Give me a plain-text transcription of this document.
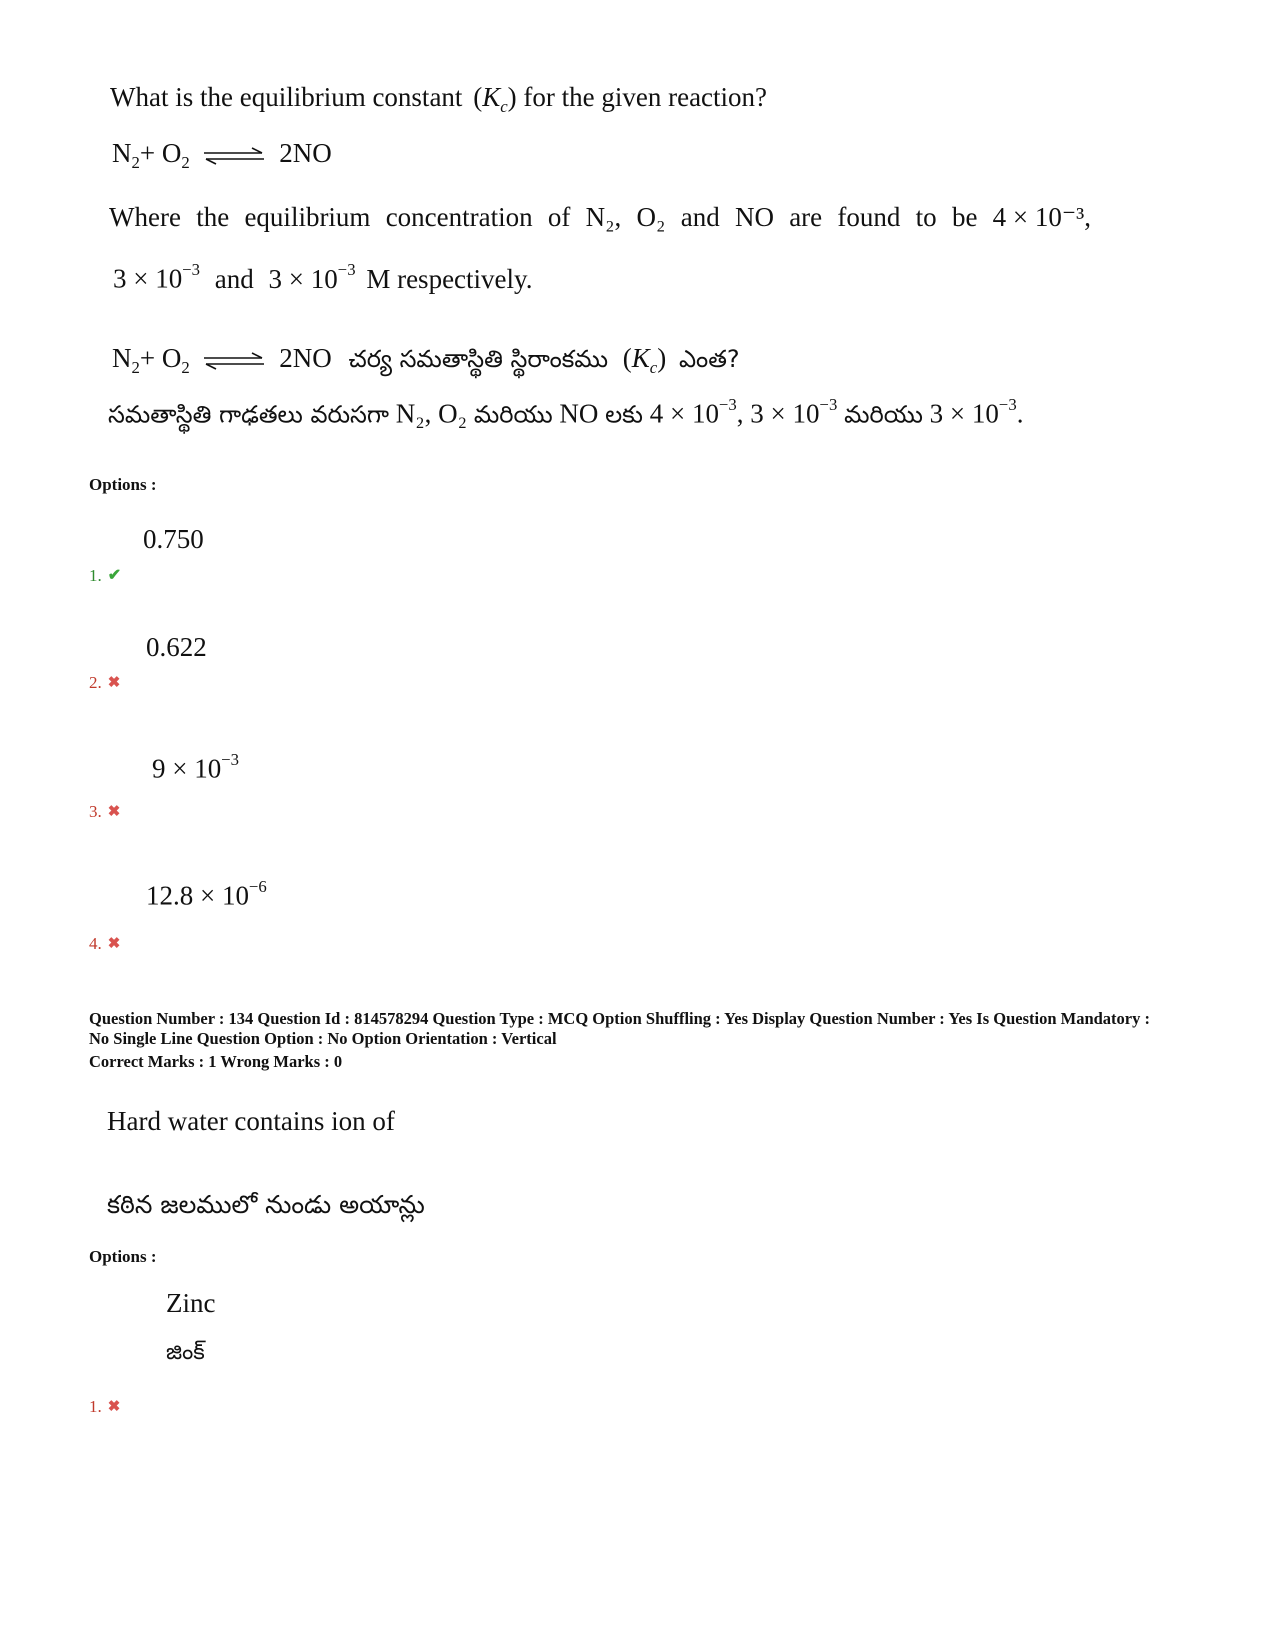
What is the equilibrium constant $(K_c)$ for the given reaction?
$N_2+ O_2$ ⇌ 2NO
Where the equilibrium concentration of N₂, O₂ and NO are found to be 4 × 10⁻³,
$3 \times 10^{-3}$ and $3 \times 10^{-3}$ M respectively.
$N_2+ O_2$ ⇌ 2NO చర్య సమతాస్థితి స్థిరాంకము $(K_c)$ ఎంత?
సమతాస్థితి గాఢతలు వరుసగా N₂, O₂ మరియు NO లకు $4 \times 10^{-3}$, $3 \times 10^{-3}$ మరియు $3 \times 10^{-3}$.
Options :
0.750
1. ✔
0.622
2. ✖
$9 \times 10^{-3}$
3. ✖
$12.8 \times 10^{-6}$
4. ✖
Question Number : 134 Question Id : 814578294 Question Type : MCQ Option Shuffling : Yes Display Question Number : Yes Is Question Mandatory : No Single Line Question Option : No Option Orientation : Vertical
Correct Marks : 1 Wrong Marks : 0
Hard water contains ion of
కఠిన జలములో నుండు అయాన్లు
Options :
Zinc
జింక్
1. ✖
